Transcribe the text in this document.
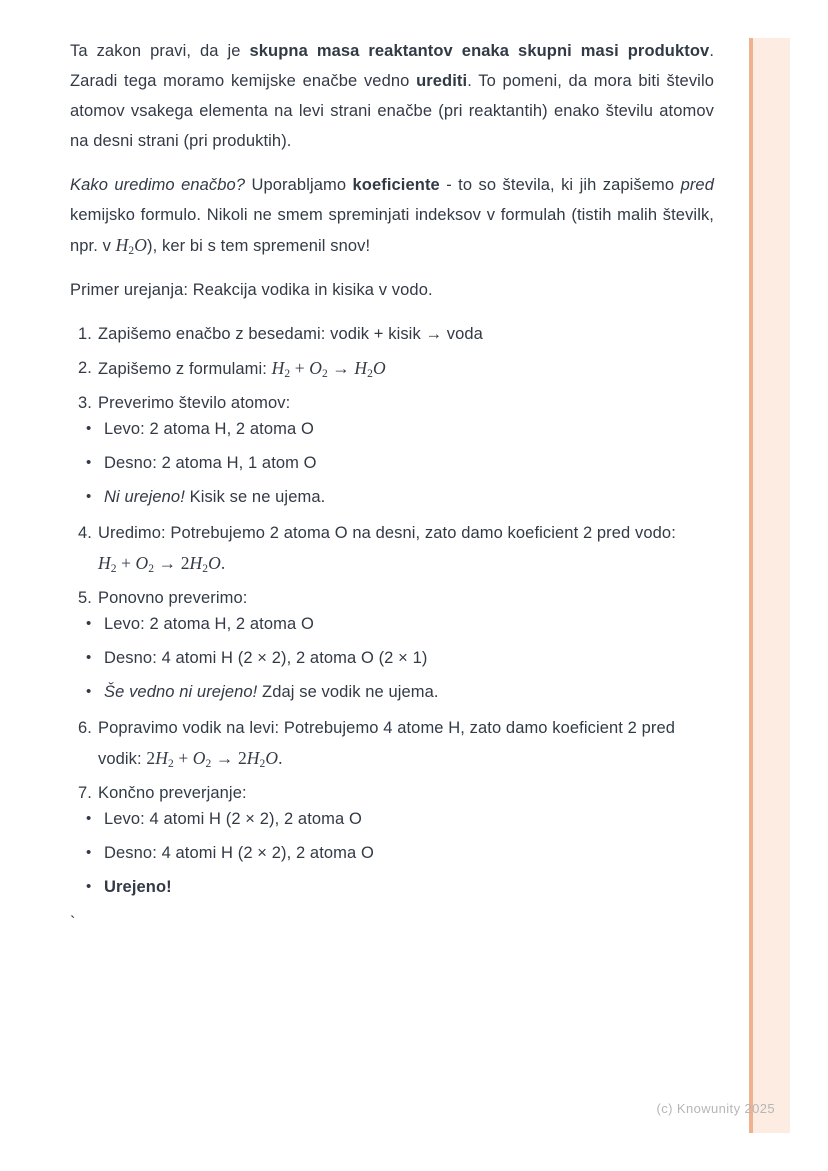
Ta zakon pravi, da je skupna masa reaktantov enaka skupni masi produktov. Zaradi tega moramo kemijske enačbe vedno urediti. To pomeni, da mora biti število atomov vsakega elementa na levi strani enačbe (pri reaktantih) enako številu atomov na desni strani (pri produktih).

Kako uredimo enačbo? Uporabljamo koeficiente - to so števila, ki jih zapišemo pred kemijsko formulo. Nikoli ne smem spreminjati indeksov v formulah (tistih malih številk, npr. v $H_2O$), ker bi s tem spremenil snov!

Primer urejanja: Reakcija vodika in kisika v vodo.

1. Zapišemo enačbo z besedami: vodik + kisik → voda
2. Zapišemo z formulami: $H_2 + O_2 \to H_2O$
3. Preverimo število atomov:
• Levo: 2 atoma H, 2 atoma O
• Desno: 2 atoma H, 1 atom O
• Ni urejeno! Kisik se ne ujema.
4. Uredimo: Potrebujemo 2 atoma O na desni, zato damo koeficient 2 pred vodo: $H_2 + O_2 \to 2H_2O$.
5. Ponovno preverimo:
• Levo: 2 atoma H, 2 atoma O
• Desno: 4 atomi H (2 × 2), 2 atoma O (2 × 1)
• Še vedno ni urejeno! Zdaj se vodik ne ujema.
6. Popravimo vodik na levi: Potrebujemo 4 atome H, zato damo koeficient 2 pred vodik: $2H_2 + O_2 \to 2H_2O$.
7. Končno preverjanje:
• Levo: 4 atomi H (2 × 2), 2 atoma O
• Desno: 4 atomi H (2 × 2), 2 atoma O
• Urejeno!
`
(c) Knowunity 2025
